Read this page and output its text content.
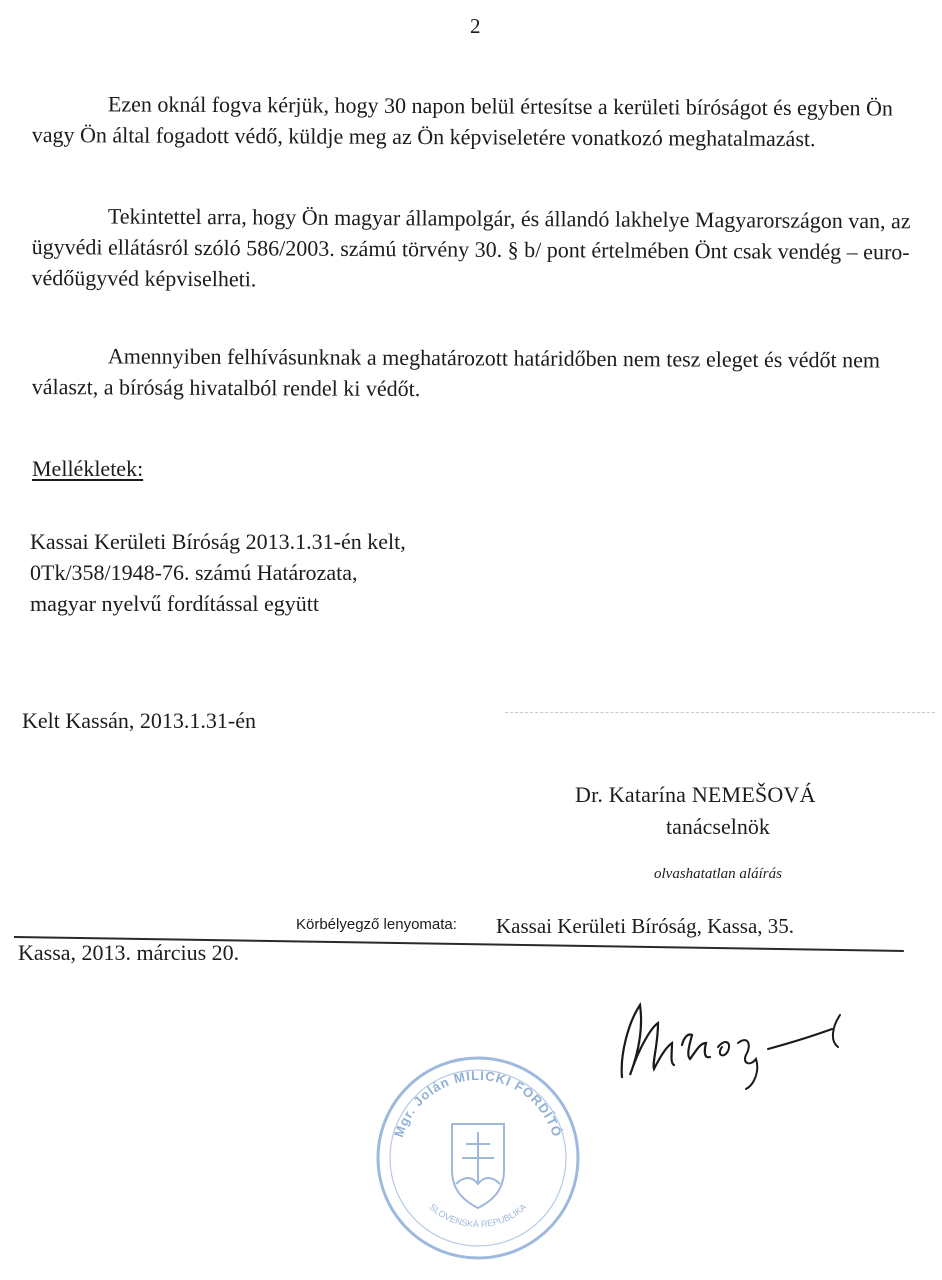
2

Ezen oknál fogva kérjük, hogy 30 napon belül értesítse a kerületi bíróságot és egyben Ön vagy Ön által fogadott védő, küldje meg az Ön képviseletére vonatkozó meghatalmazást.

Tekintettel arra, hogy Ön magyar állampolgár, és állandó lakhelye Magyarországon van, az ügyvédi ellátásról szóló 586/2003. számú törvény 30. § b/ pont értelmében Önt csak vendég – euro-védőügyvéd képviselheti.

Amennyiben felhívásunknak a meghatározott határidőben nem tesz eleget és védőt nem választ, a bíróság hivatalból rendel ki védőt.

Mellékletek:
Kassai Kerületi Bíróság 2013.1.31-én kelt,
0Tk/358/1948-76. számú Határozata,
magyar nyelvű fordítással együtt
Kelt Kassán, 2013.1.31-én
Dr. Katarína NEMEŠOVÁ
tanácselnök
olvashatatlan aláírás
Körbélyegző lenyomata: Kassai Kerületi Bíróság, Kassa, 35.
Kassa, 2013. március 20.
Mgr. Jolán MILICKI FORDÍTÓ
SLOVENSKÁ REPUBLIKA
